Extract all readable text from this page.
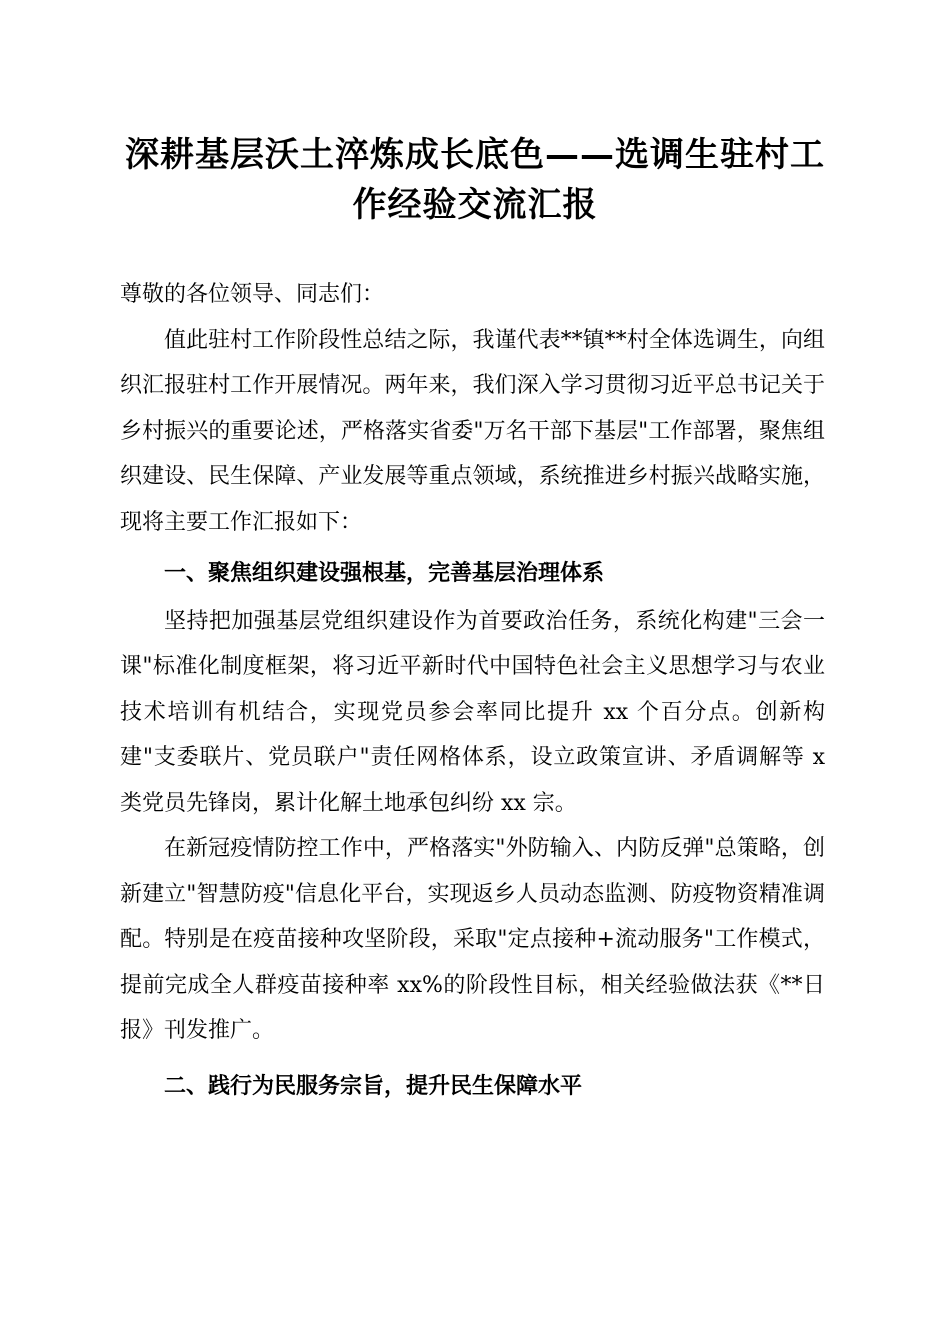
深耕基层沃土淬炼成长底色——选调生驻村工
作经验交流汇报

尊敬的各位领导、同志们：

值此驻村工作阶段性总结之际，我谨代表**镇**村全体选调生，向组织汇报驻村工作开展情况。两年来，我们深入学习贯彻习近平总书记关于乡村振兴的重要论述，严格落实省委"万名干部下基层"工作部署，聚焦组织建设、民生保障、产业发展等重点领域，系统推进乡村振兴战略实施，现将主要工作汇报如下：

一、聚焦组织建设强根基，完善基层治理体系

坚持把加强基层党组织建设作为首要政治任务，系统化构建"三会一课"标准化制度框架，将习近平新时代中国特色社会主义思想学习与农业技术培训有机结合，实现党员参会率同比提升 xx 个百分点。创新构建"支委联片、党员联户"责任网格体系，设立政策宣讲、矛盾调解等 x 类党员先锋岗，累计化解土地承包纠纷 xx 宗。

在新冠疫情防控工作中，严格落实"外防输入、内防反弹"总策略，创新建立"智慧防疫"信息化平台，实现返乡人员动态监测、防疫物资精准调配。特别是在疫苗接种攻坚阶段，采取"定点接种+流动服务"工作模式，提前完成全人群疫苗接种率 xx%的阶段性目标，相关经验做法获《**日报》刊发推广。

二、践行为民服务宗旨，提升民生保障水平
